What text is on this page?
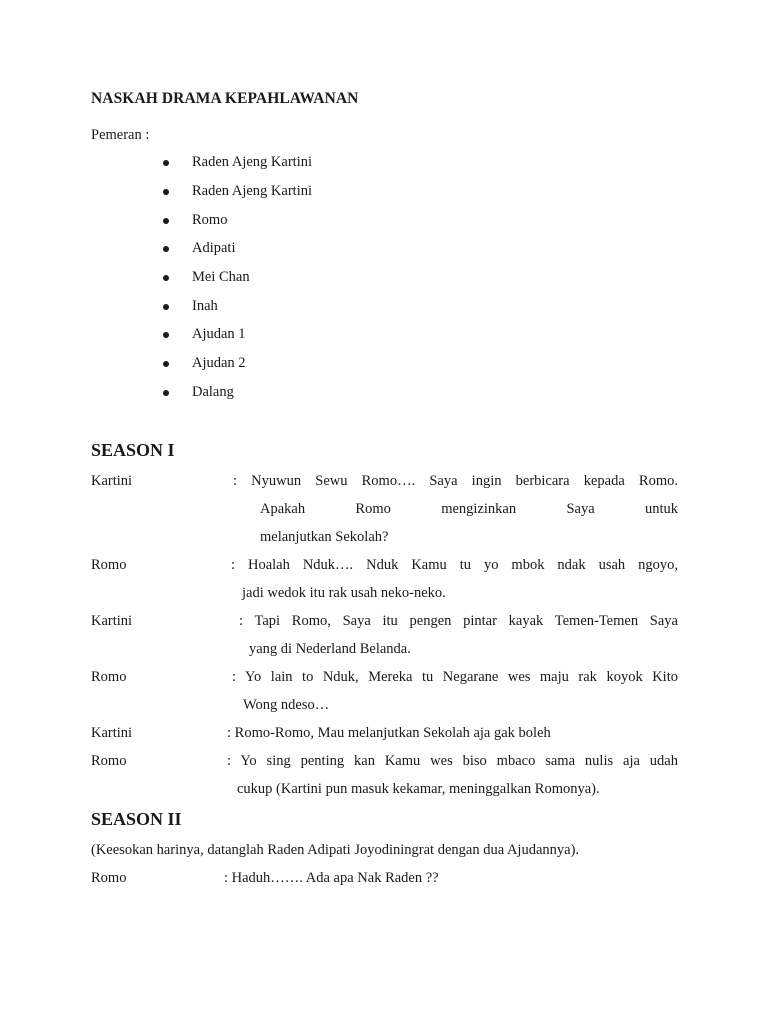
NASKAH DRAMA KEPAHLAWANAN

Pemeran :

Raden Ajeng Kartini
Raden Ajeng Kartini
Romo
Adipati
Mei Chan
Inah
Ajudan 1
Ajudan 2
Dalang
SEASON I
Kartini	: Nyuwun Sewu Romo…. Saya ingin berbicara kepada Romo.
Apakah Romo mengizinkan Saya untuk
melanjutkan Sekolah?
Romo	: Hoalah Nduk…. Nduk Kamu tu yo mbok ndak usah ngoyo,
jadi wedok itu rak usah neko-neko.
Kartini	: Tapi Romo, Saya itu pengen pintar kayak Temen-Temen Saya
yang di Nederland Belanda.
Romo	: Yo lain to Nduk, Mereka tu Negarane wes maju rak koyok Kito
Wong ndeso…
Kartini	: Romo-Romo, Mau melanjutkan Sekolah aja gak boleh
Romo	: Yo sing penting kan Kamu wes biso mbaco sama nulis aja udah
cukup (Kartini pun masuk kekamar, meninggalkan Romonya).
SEASON II
(Keesokan harinya, datanglah Raden Adipati Joyodiningrat dengan dua Ajudannya).
Romo	: Haduh……. Ada apa Nak Raden ??
